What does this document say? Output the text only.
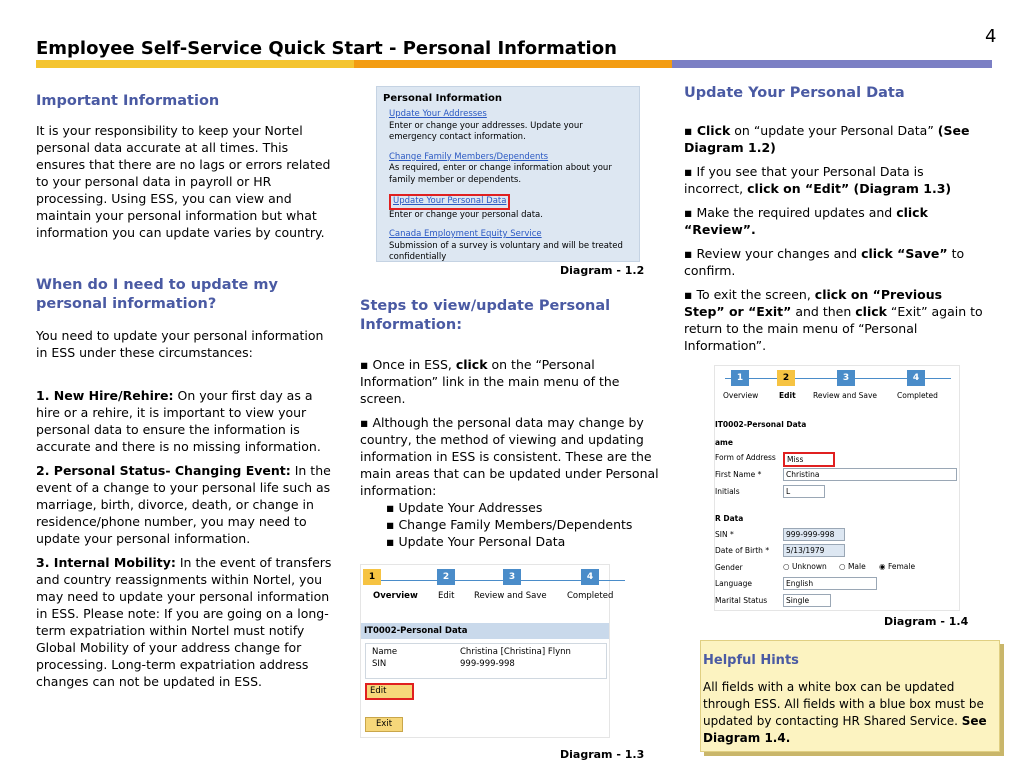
4
Employee Self-Service Quick Start - Personal Information
Important Information
It is your responsibility to keep your Nortel personal data accurate at all times. This ensures that there are no lags or errors related to your personal data in payroll or HR processing. Using ESS, you can view and maintain your personal information but what information you can update varies by country.
When do I need to update my personal information?
You need to update your personal information in ESS under these circumstances:

1. New Hire/Rehire: On your first day as a hire or a rehire, it is important to view your personal data to ensure the information is accurate and there is no missing information.

2. Personal Status- Changing Event: In the event of a change to your personal life such as marriage, birth, divorce, death, or change in residence/phone number, you may need to update your personal information.

3. Internal Mobility: In the event of transfers and country reassignments within Nortel, you may need to update your personal information in ESS. Please note: If you are going on a long-term expatriation within Nortel must notify Global Mobility of your address change for processing. Long-term expatriation address changes can not be updated in ESS.

Personal Information
Update Your Addresses
Enter or change your addresses. Update your emergency contact information.
Change Family Members/Dependents
As required, enter or change information about your family member or dependents.
Update Your Personal Data
Enter or change your personal data.
Canada Employment Equity Service
Submission of a survey is voluntary and will be treated confidentially
Diagram - 1.2
Steps to view/update Personal Information:

▪ Once in ESS, click on the “Personal Information” link in the main menu of the screen.

▪ Although the personal data may change by country, the method of viewing and updating information in ESS is consistent. These are the main areas that can be updated under Personal information:

▪ Update Your Addresses
▪ Change Family Members/Dependents
▪ Update Your Personal Data
1	2	3	4
Overview Edit Review and Save Completed
IT0002-Personal Data
Name	Christina [Christina] Flynn
SIN	999-999-998
Edit
Exit
Diagram - 1.3
Update Your Personal Data

▪ Click on “update your Personal Data” (See Diagram 1.2)

▪ If you see that your Personal Data is incorrect, click on “Edit” (Diagram 1.3)

▪ Make the required updates and click “Review”.

▪ Review your changes and click “Save” to confirm.

▪ To exit the screen, click on “Previous Step” or “Exit” and then click “Exit” again to return to the main menu of “Personal Information”.

1	2	3	4
Overview	Edit Review and Save	Completed
IT0002-Personal Data
ame
Form of Address	Miss
First Name *	Christina
Initials	L
R Data
SIN *	999-999-998
Date of Birth *	5/13/1979
Gender	○ Unknown ○ Male ◉ Female
Language	English
Marital Status	Single
Diagram - 1.4
Helpful Hints
All fields with a white box can be updated through ESS. All fields with a blue box must be updated by contacting HR Shared Service. See Diagram 1.4.
